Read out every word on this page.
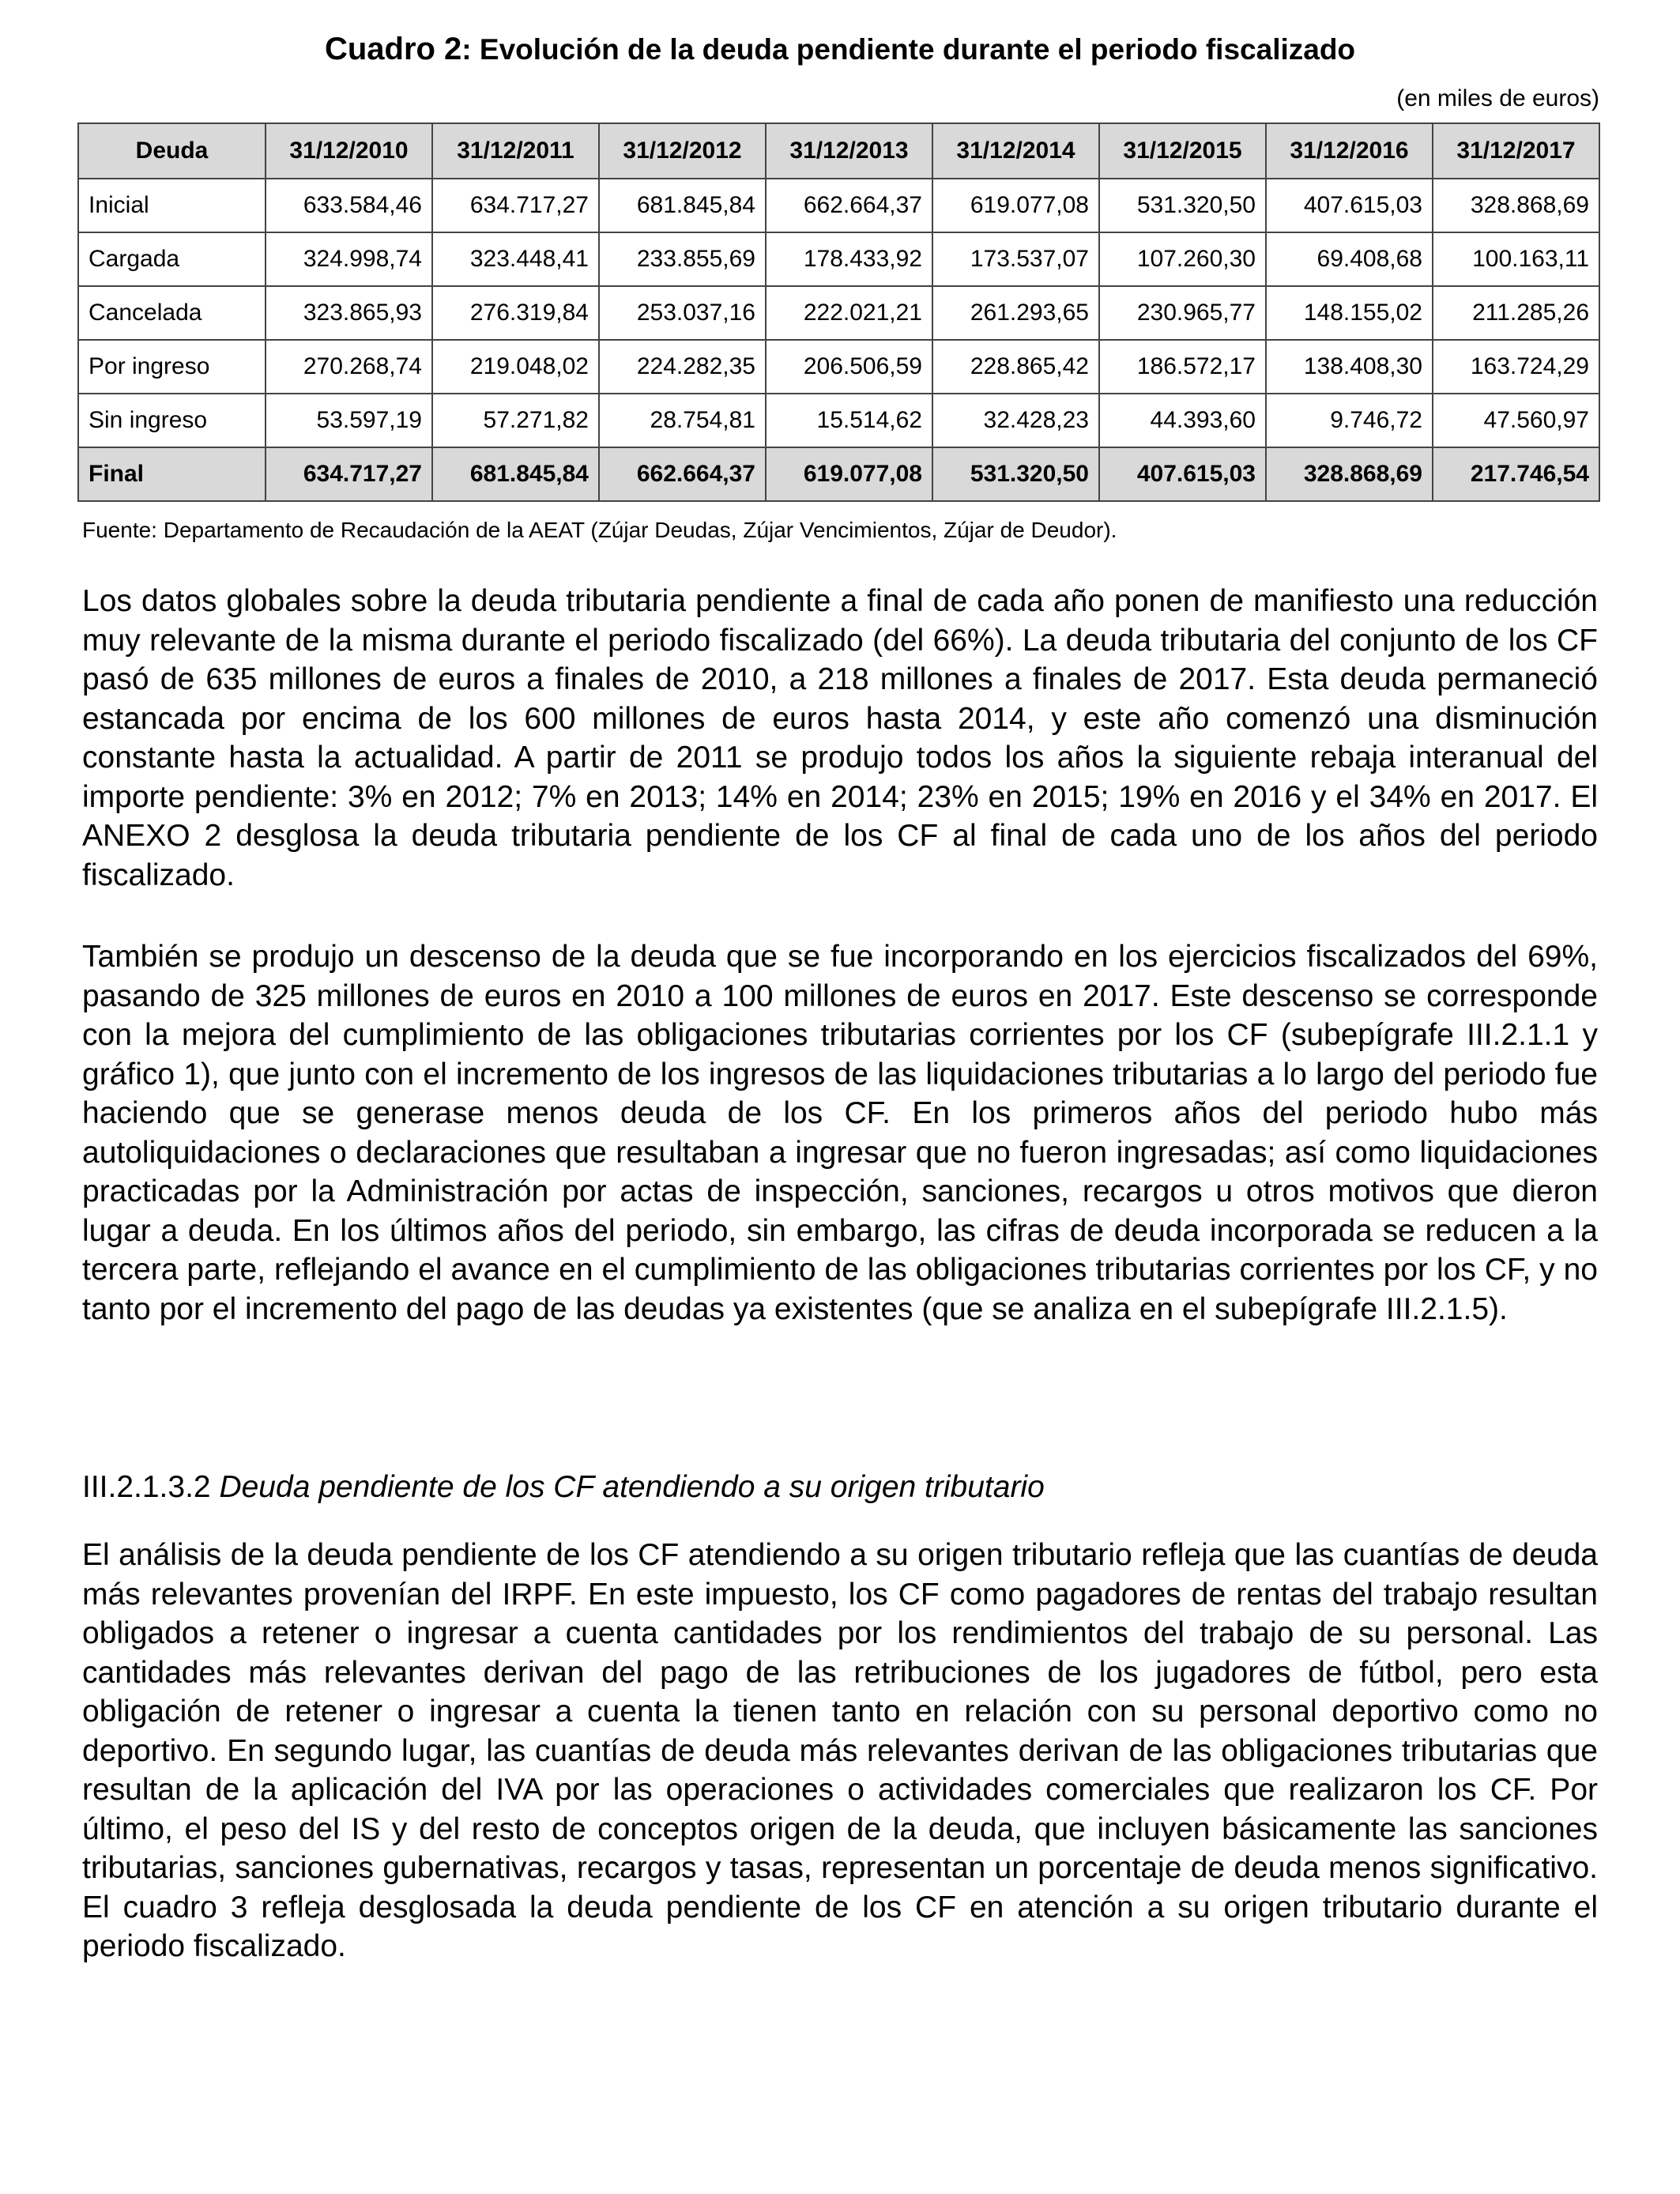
Cuadro 2: Evolución de la deuda pendiente durante el periodo fiscalizado
(en miles de euros)
Deuda	31/12/2010	31/12/2011	31/12/2012	31/12/2013	31/12/2014	31/12/2015	31/12/2016	31/12/2017
Inicial	633.584,46	634.717,27	681.845,84	662.664,37	619.077,08	531.320,50	407.615,03	328.868,69
Cargada	324.998,74	323.448,41	233.855,69	178.433,92	173.537,07	107.260,30	69.408,68	100.163,11
Cancelada	323.865,93	276.319,84	253.037,16	222.021,21	261.293,65	230.965,77	148.155,02	211.285,26
Por ingreso	270.268,74	219.048,02	224.282,35	206.506,59	228.865,42	186.572,17	138.408,30	163.724,29
Sin ingreso	53.597,19	57.271,82	28.754,81	15.514,62	32.428,23	44.393,60	9.746,72	47.560,97
Final	634.717,27	681.845,84	662.664,37	619.077,08	531.320,50	407.615,03	328.868,69	217.746,54
Fuente: Departamento de Recaudación de la AEAT (Zújar Deudas, Zújar Vencimientos, Zújar de Deudor).

Los datos globales sobre la deuda tributaria pendiente a final de cada año ponen de manifiesto una reducción muy relevante de la misma durante el periodo fiscalizado (del 66%). La deuda tributaria del conjunto de los CF pasó de 635 millones de euros a finales de 2010, a 218 millones a finales de 2017. Esta deuda permaneció estancada por encima de los 600 millones de euros hasta 2014, y este año comenzó una disminución constante hasta la actualidad. A partir de 2011 se produjo todos los años la siguiente rebaja interanual del importe pendiente: 3% en 2012; 7% en 2013; 14% en 2014; 23% en 2015; 19% en 2016 y el 34% en 2017. El ANEXO 2 desglosa la deuda tributaria pendiente de los CF al final de cada uno de los años del periodo fiscalizado.

También se produjo un descenso de la deuda que se fue incorporando en los ejercicios fiscalizados del 69%, pasando de 325 millones de euros en 2010 a 100 millones de euros en 2017. Este descenso se corresponde con la mejora del cumplimiento de las obligaciones tributarias corrientes por los CF (subepígrafe III.2.1.1 y gráfico 1), que junto con el incremento de los ingresos de las liquidaciones tributarias a lo largo del periodo fue haciendo que se generase menos deuda de los CF. En los primeros años del periodo hubo más autoliquidaciones o declaraciones que resultaban a ingresar que no fueron ingresadas; así como liquidaciones practicadas por la Administración por actas de inspección, sanciones, recargos u otros motivos que dieron lugar a deuda. En los últimos años del periodo, sin embargo, las cifras de deuda incorporada se reducen a la tercera parte, reflejando el avance en el cumplimiento de las obligaciones tributarias corrientes por los CF, y no tanto por el incremento del pago de las deudas ya existentes (que se analiza en el subepígrafe III.2.1.5).

III.2.1.3.2 Deuda pendiente de los CF atendiendo a su origen tributario

El análisis de la deuda pendiente de los CF atendiendo a su origen tributario refleja que las cuantías de deuda más relevantes provenían del IRPF. En este impuesto, los CF como pagadores de rentas del trabajo resultan obligados a retener o ingresar a cuenta cantidades por los rendimientos del trabajo de su personal. Las cantidades más relevantes derivan del pago de las retribuciones de los jugadores de fútbol, pero esta obligación de retener o ingresar a cuenta la tienen tanto en relación con su personal deportivo como no deportivo. En segundo lugar, las cuantías de deuda más relevantes derivan de las obligaciones tributarias que resultan de la aplicación del IVA por las operaciones o actividades comerciales que realizaron los CF. Por último, el peso del IS y del resto de conceptos origen de la deuda, que incluyen básicamente las sanciones tributarias, sanciones gubernativas, recargos y tasas, representan un porcentaje de deuda menos significativo. El cuadro 3 refleja desglosada la deuda pendiente de los CF en atención a su origen tributario durante el periodo fiscalizado.
